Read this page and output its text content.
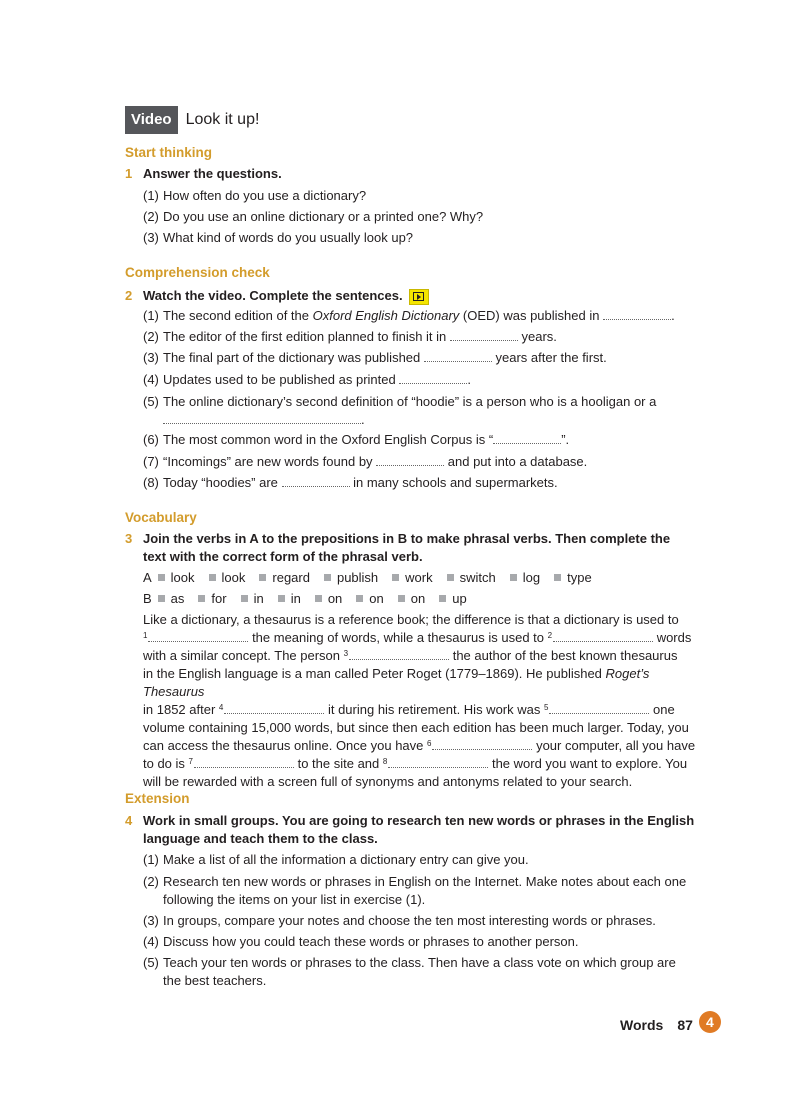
Video Look it up!
Start thinking
1 Answer the questions.
(1) How often do you use a dictionary?
(2) Do you use an online dictionary or a printed one? Why?
(3) What kind of words do you usually look up?
Comprehension check
2 Watch the video. Complete the sentences.
(1) The second edition of the Oxford English Dictionary (OED) was published in	.
(2) The editor of the first edition planned to finish it in	years.
(3) The final part of the dictionary was published	years after the first.
(4) Updates used to be published as printed	.
(5) The online dictionary’s second definition of “hoodie” is a person who is a hooligan or a
.
(6) The most common word in the Oxford English Corpus is “	”.
(7) “Incomings” are new words found by	and put into a database.
(8) Today “hoodies” are	in many schools and supermarkets.
Vocabulary
3 Join the verbs in A to the prepositions in B to make phrasal verbs. Then complete the text with the correct form of the phrasal verb.
A look look regard publish work switch log type
B as for in in on on on up
Like a dictionary, a thesaurus is a reference book; the difference is that a dictionary is used to
$^1$	the meaning of words, while a thesaurus is used to $^2$	words
with a similar concept. The person $^3$	the author of the best known thesaurus
in the English language is a man called Peter Roget (1779–1869). He published Roget’s Thesaurus
in 1852 after $^4$	it during his retirement. His work was $^5$	one
volume containing 15,000 words, but since then each edition has been much larger. Today, you
can access the thesaurus online. Once you have $^6$	your computer, all you have
to do is $^7$	to the site and $^8$	the word you want to explore. You
will be rewarded with a screen full of synonyms and antonyms related to your search.
Extension
4 Work in small groups. You are going to research ten new words or phrases in the English language and teach them to the class.
(1) Make a list of all the information a dictionary entry can give you.
(2) Research ten new words or phrases in English on the Internet. Make notes about each one following the items on your list in exercise (1).
(3) In groups, compare your notes and choose the ten most interesting words or phrases.
(4) Discuss how you could teach these words or phrases to another person.
(5) Teach your ten words or phrases to the class. Then have a class vote on which group are the best teachers.
Words 87 4
